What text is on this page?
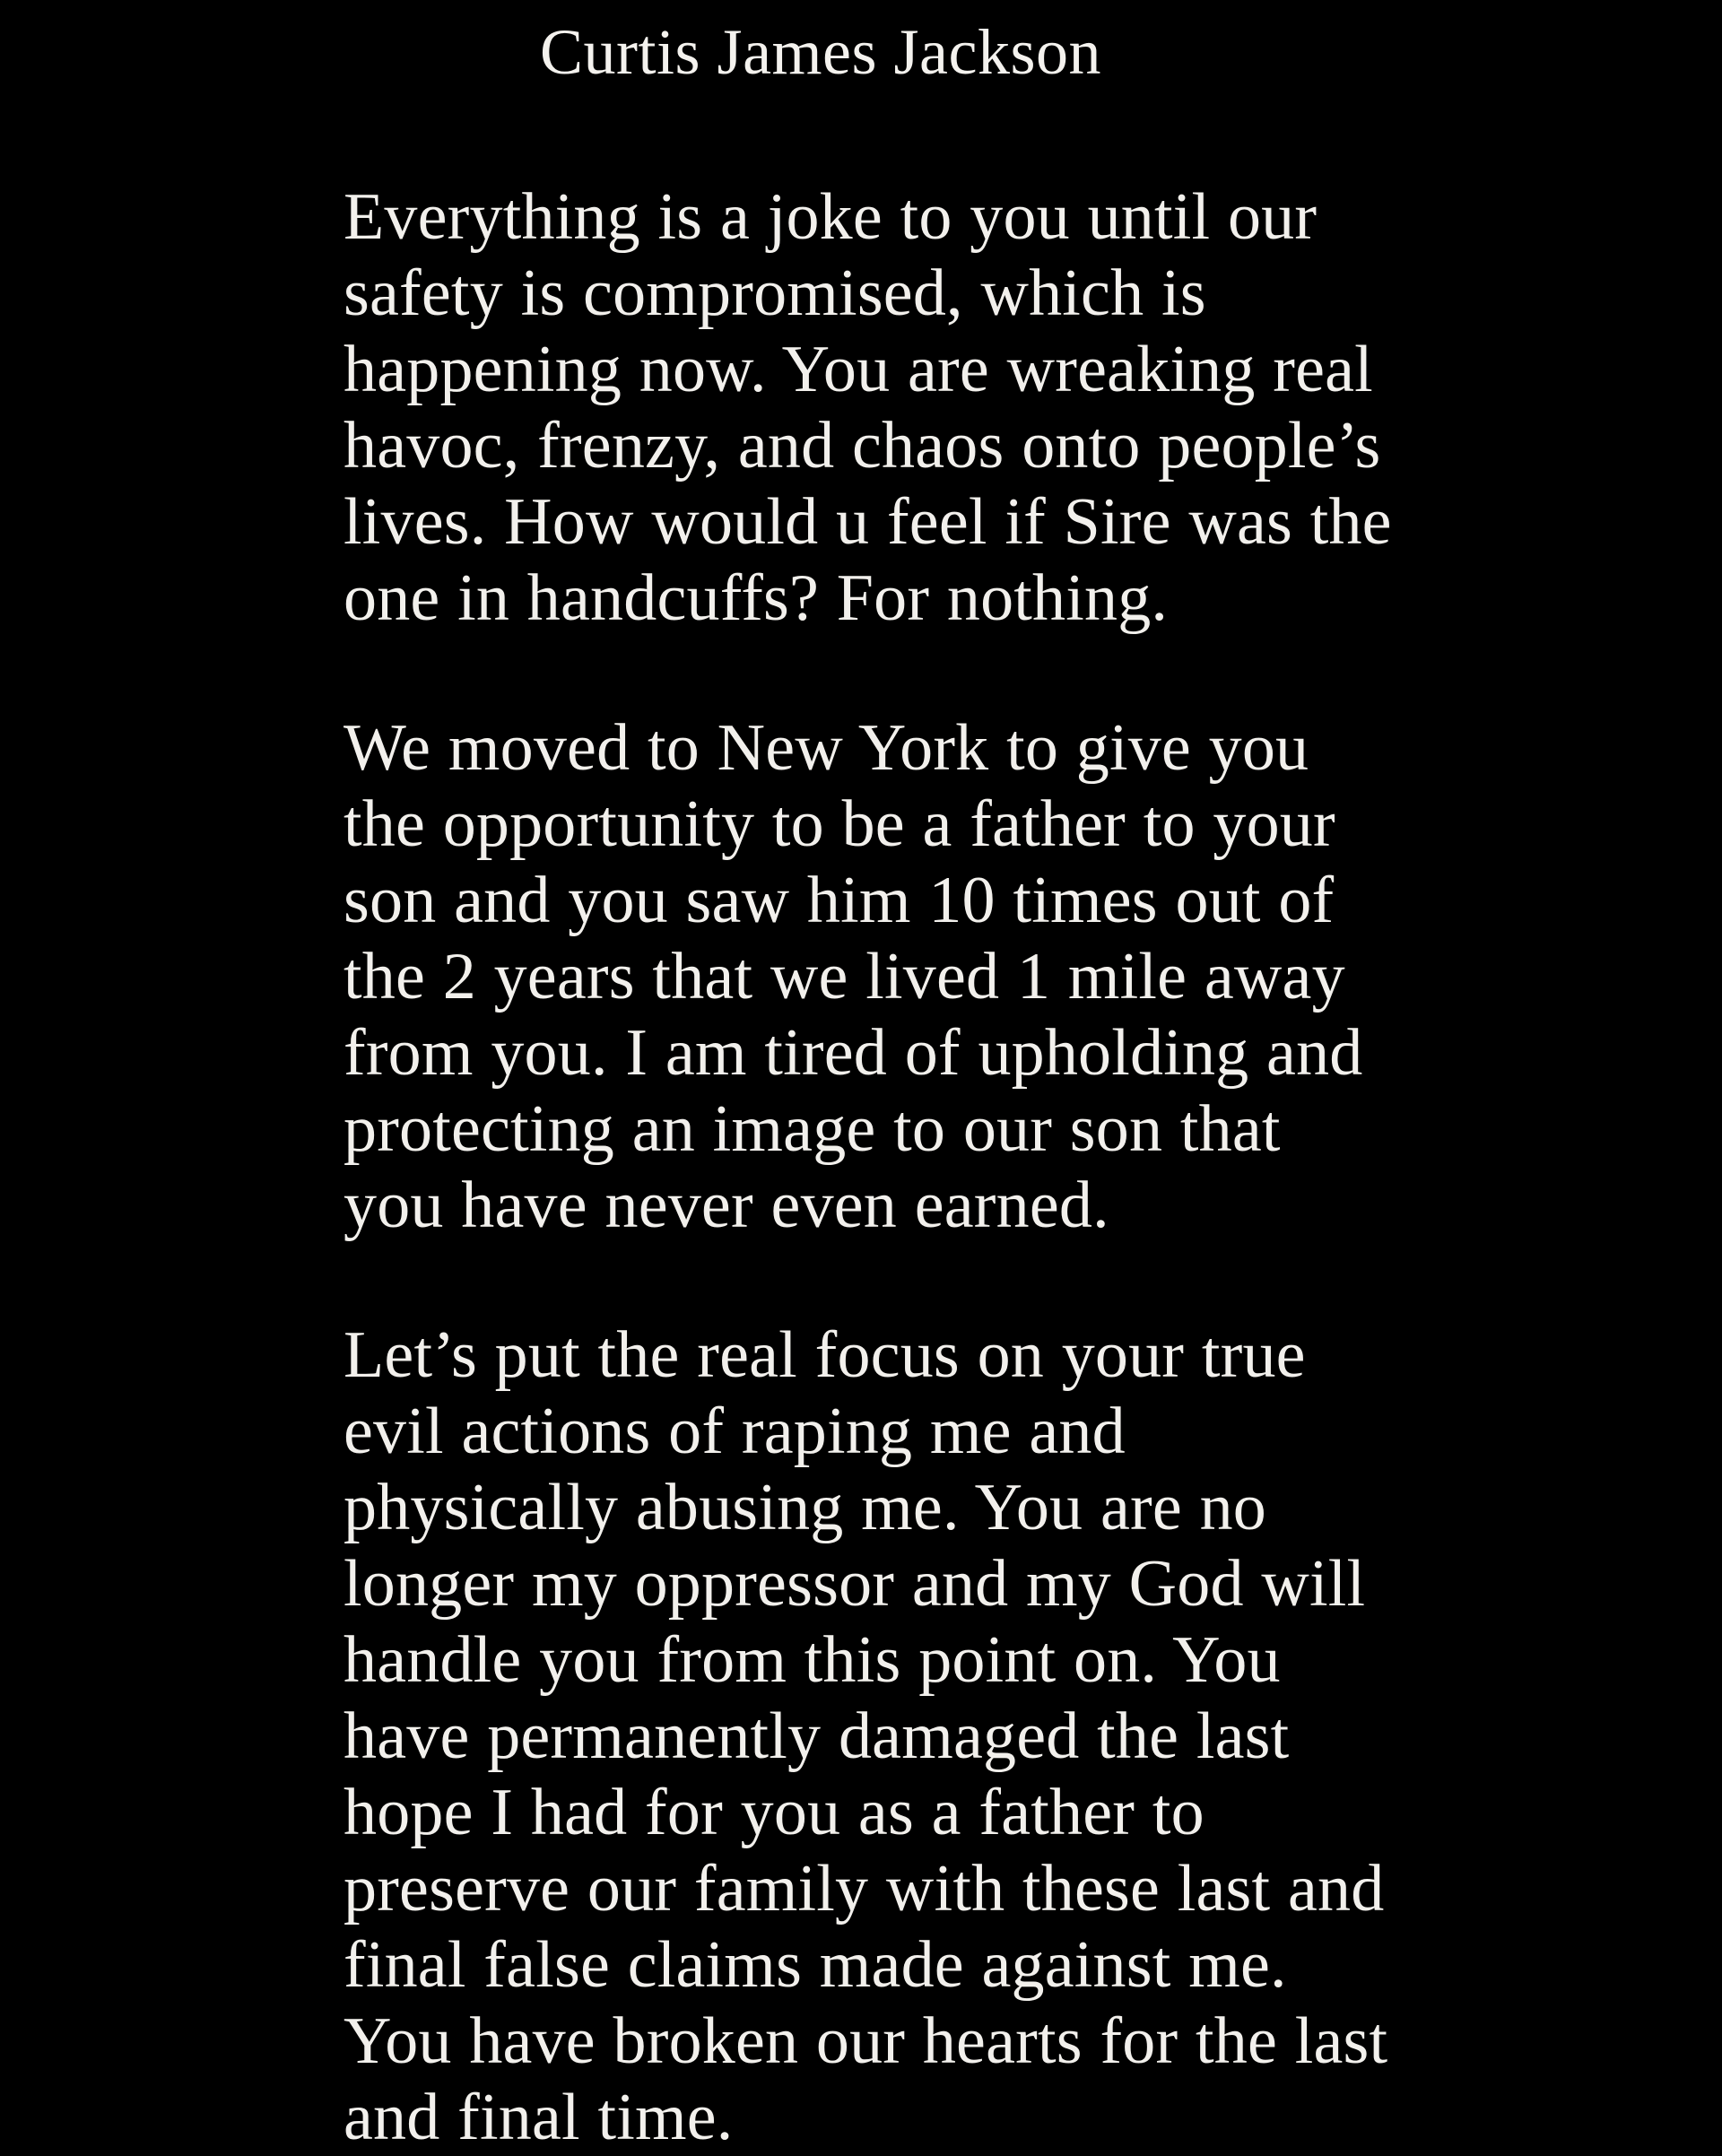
Curtis James Jackson

Everything is a joke to you until our safety is compromised, which is happening now. You are wreaking real havoc, frenzy, and chaos onto people’s lives. How would u feel if Sire was the one in handcuffs? For nothing.

We moved to New York to give you the opportunity to be a father to your son and you saw him 10 times out of the 2 years that we lived 1 mile away from you. I am tired of upholding and protecting an image to our son that you have never even earned.

Let’s put the real focus on your true evil actions of raping me and physically abusing me. You are no longer my oppressor and my God will handle you from this point on. You have permanently damaged the last hope I had for you as a father to preserve our family with these last and final false claims made against me. You have broken our hearts for the last and final time.
